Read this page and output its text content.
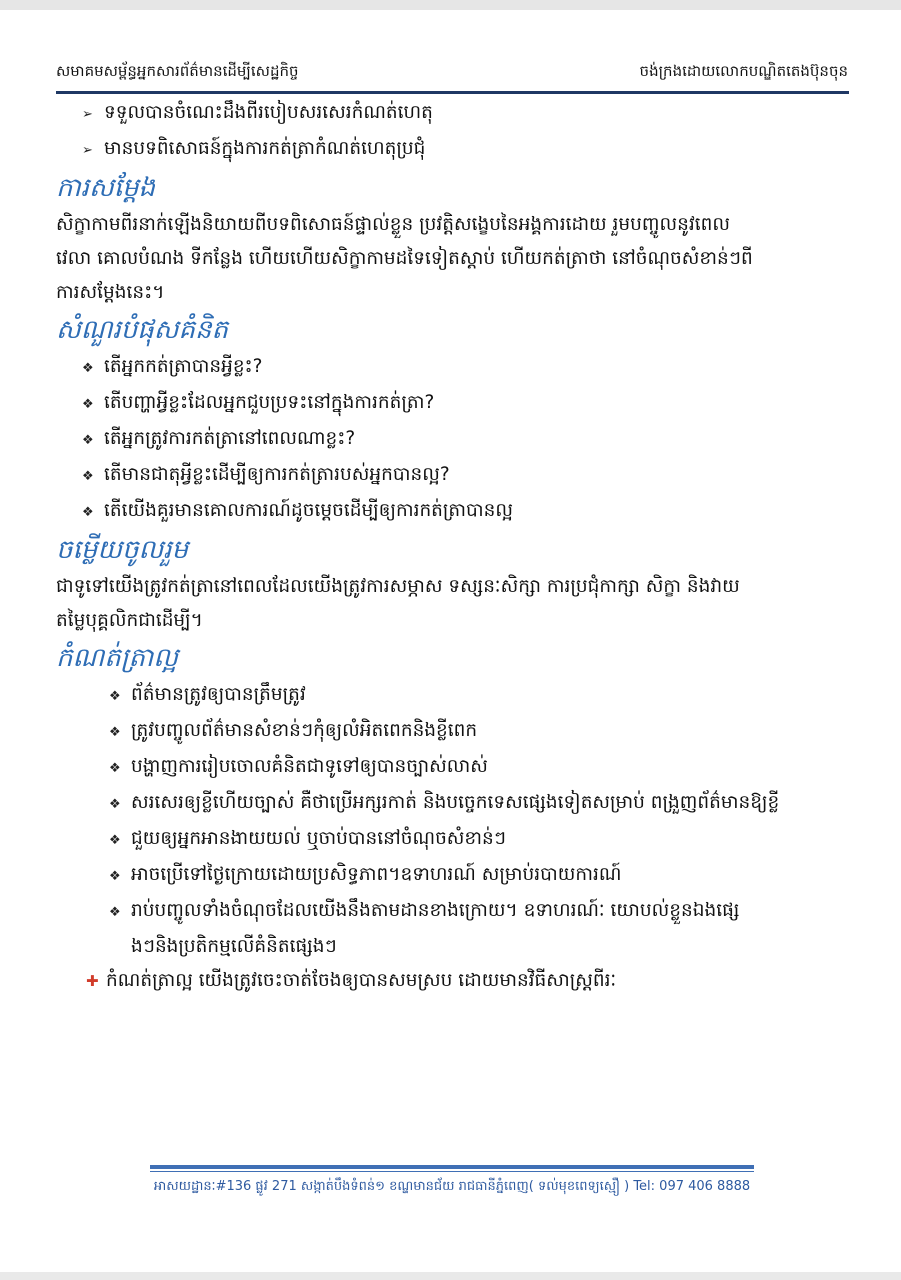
សមាគមសម្ព័ន្ធអ្នកសារព័ត៌មានដើម្បីសេដ្ឋកិច្ច	ចង់ក្រងដោយលោកបណ្ឌិតតេងប៊ុនចុន
➢ ទទួលបានចំណេះដឹងពីរបៀបសរសេរកំណត់ហេតុ
➢ មានបទពិសោធន៍ក្នុងការកត់ត្រាកំណត់ហេតុប្រជុំ
ការសម្តែង
សិក្ខាកាមពីរនាក់ឡើងនិយាយពីបទពិសោធន៍ផ្ទាល់ខ្លួន ប្រវត្តិសង្ខេបនៃអង្គការដោយ រួមបញ្ចូលនូវពេល
វេលា គោលបំណង ទីកន្លែង ហើយហើយសិក្ខាកាមដទៃទៀតស្តាប់ ហើយកត់ត្រាថា នៅចំណុចសំខាន់ៗពី
ការសម្តែងនេះ។
សំណួរបំផុសគំនិត
❖ តើអ្នកកត់ត្រាបានអ្វីខ្លះ?
❖ តើបញ្ហាអ្វីខ្លះដែលអ្នកជួបប្រទះនៅក្នុងការកត់ត្រា?
❖ តើអ្នកត្រូវការកត់ត្រានៅពេលណាខ្លះ?
❖ តើមានជាតុអ្វីខ្លះដើម្បីឲ្យការកត់ត្រារបស់អ្នកបានល្អ?
❖ តើយើងគួរមានគោលការណ៍ដូចម្តេចដើម្បីឲ្យការកត់ត្រាបានល្អ
ចម្លើយចូលរួម
ជាទូទៅយើងត្រូវកត់ត្រានៅពេលដែលយើងត្រូវការសម្ភាស ទស្សនៈសិក្សា ការប្រជុំកាក្សា សិក្ខា និងវាយ
តម្លៃបុគ្គលិកជាដើម្បី។
កំណត់ត្រាល្អ
❖ ព័ត៌មានត្រូវឲ្យបានត្រឹមត្រូវ
❖ ត្រូវបញ្ចូលព័ត៌មានសំខាន់ៗកុំឲ្យលំអិតពេកនិងខ្លីពេក
❖ បង្ហាញការរៀបចោលគំនិតជាទូទៅឲ្យបានច្បាស់លាស់
❖ សរសេរឲ្យខ្លីហើយច្បាស់ គឺថាប្រើអក្សរកាត់ និងបច្ចេកទេសផ្សេងទៀតសម្រាប់ ពង្រួញព័ត៌មានឱ្យខ្លី
❖ ជួយឲ្យអ្នកអានងាយយល់ ឬចាប់បាននៅចំណុចសំខាន់ៗ
❖ អាចប្រើទៅថ្ងៃក្រោយដោយប្រសិទ្ធភាព។ឧទាហរណ៍ សម្រាប់របាយការណ៍
❖ រាប់បញ្ចូលទាំងចំណុចដែលយើងនឹងតាមដានខាងក្រោយ។ ឧទាហរណ៍ៈ យោបល់ខ្លួនឯងផ្សេ
ងៗនិងប្រតិកម្មលើគំនិតផ្សេងៗ
✚ កំណត់ត្រាល្អ យើងត្រូវចេះចាត់ចែងឲ្យបានសមស្រប ដោយមានវិធីសាស្ត្រពីរៈ
អាសយដ្ឋានៈ#136 ផ្លូវ 271 សង្កាត់បឹងទំពន់១ ខណ្ឌមានជ័យ រាជធានីភ្នំពេញ( ទល់មុខពេទ្យស្មឿ ) Tel: 097 406 8888
